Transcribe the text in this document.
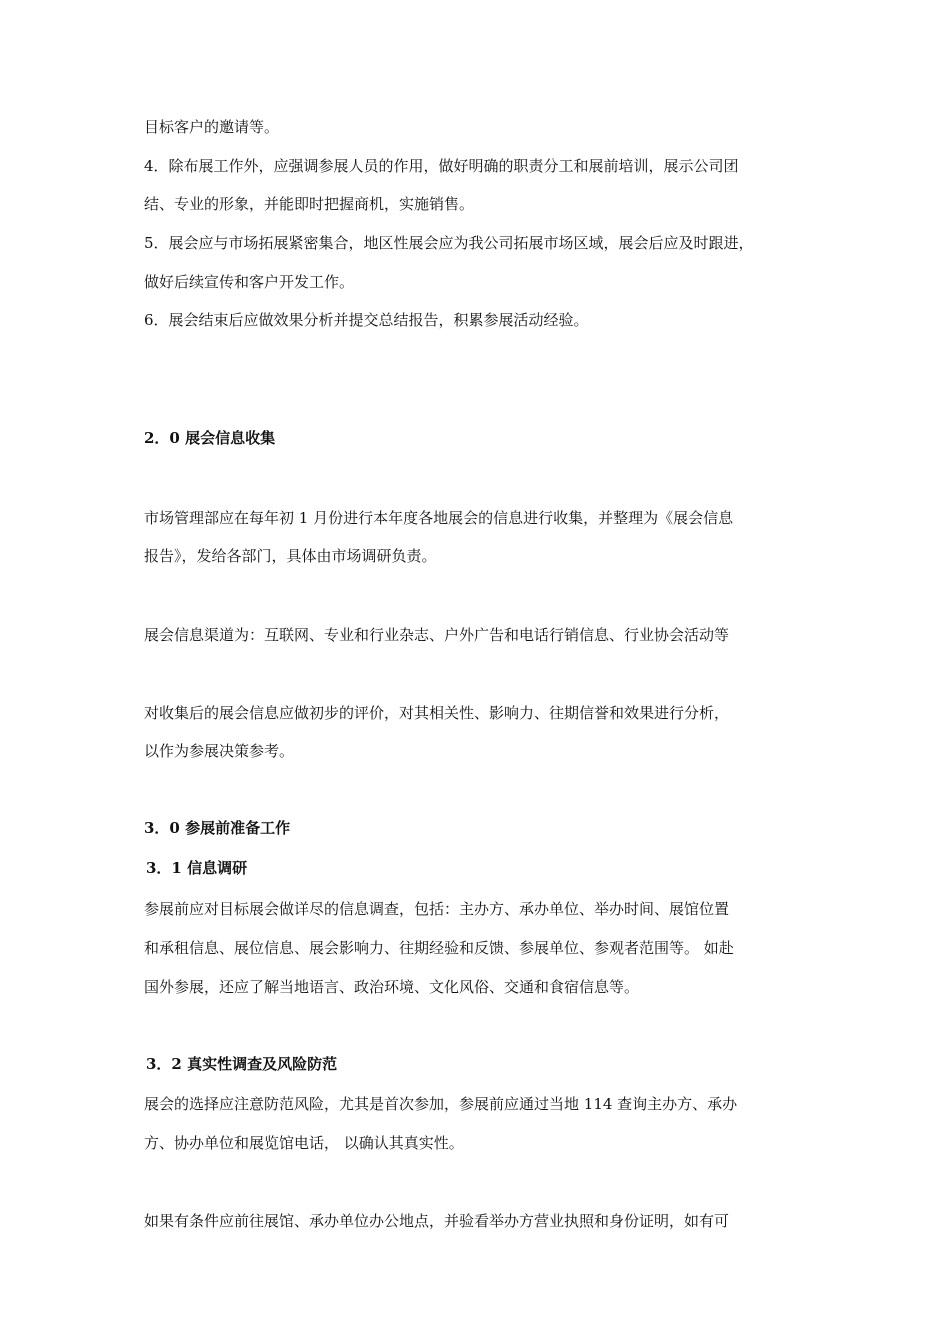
目标客户的邀请等。
4．除布展工作外，应强调参展人员的作用，做好明确的职责分工和展前培训，展示公司团
结、专业的形象，并能即时把握商机，实施销售。
5．展会应与市场拓展紧密集合，地区性展会应为我公司拓展市场区域，展会后应及时跟进，
做好后续宣传和客户开发工作。
6．展会结束后应做效果分析并提交总结报告，积累参展活动经验。
2．0 展会信息收集
市场管理部应在每年初 1 月份进行本年度各地展会的信息进行收集，并整理为《展会信息
报告》，发给各部门，具体由市场调研负责。
展会信息渠道为：互联网、专业和行业杂志、户外广告和电话行销信息、行业协会活动等
对收集后的展会信息应做初步的评价，对其相关性、影响力、往期信誉和效果进行分析，
以作为参展决策参考。
3．0 参展前准备工作
3．1 信息调研
参展前应对目标展会做详尽的信息调查，包括：主办方、承办单位、举办时间、展馆位置
和承租信息、展位信息、展会影响力、往期经验和反馈、参展单位、参观者范围等。 如赴
国外参展，还应了解当地语言、政治环境、文化风俗、交通和食宿信息等。
3．2 真实性调查及风险防范
展会的选择应注意防范风险，尤其是首次参加，参展前应通过当地 114 查询主办方、承办
方、协办单位和展览馆电话， 以确认其真实性。
如果有条件应前往展馆、承办单位办公地点，并验看举办方营业执照和身份证明，如有可
